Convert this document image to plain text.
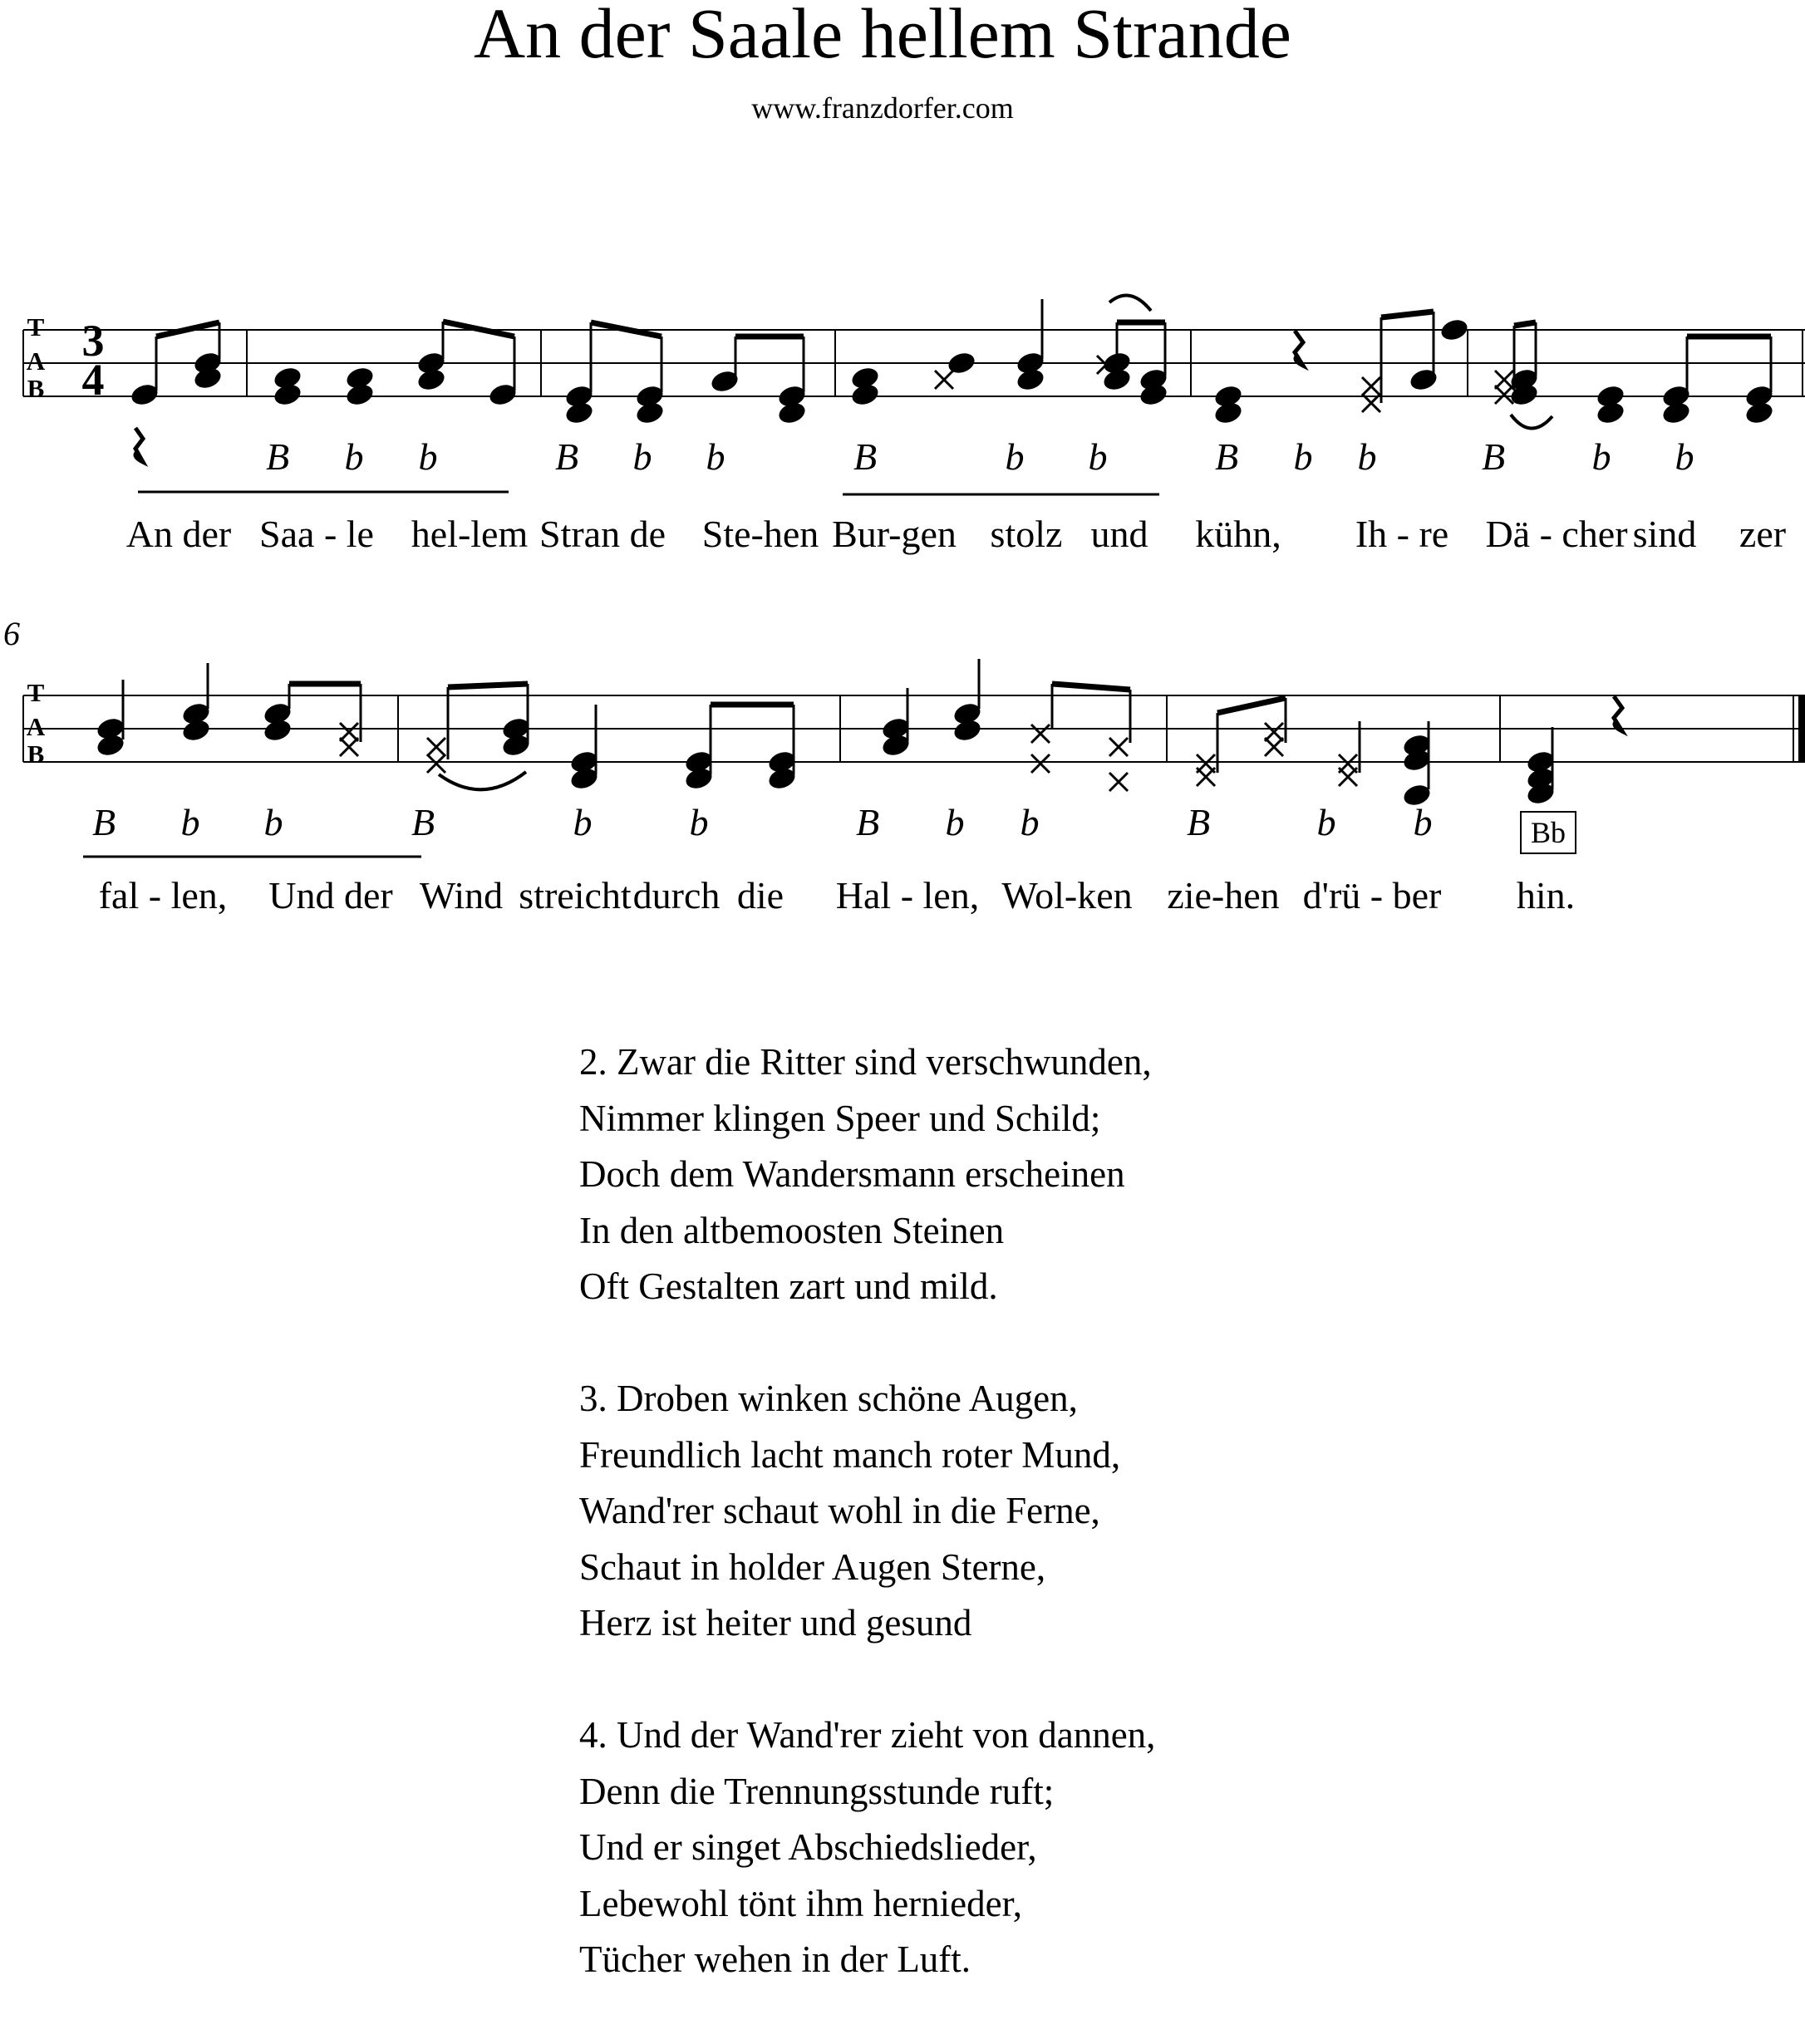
An der Saale hellem Strande
www.franzdorfer.com
T
A
B
3
4
T
A
B
6
B b b	B b b	B	b b	B b b	B b b
An der Saa - le hel-lem Stran de Ste-hen Bur-gen stolz und kühn, Ih - re Dä - cher sind zer
B b b	B	b	b	B b b	B	b b	Bb
fal - len, Und der Wind streicht durch die Hal - len, Wol-ken zie-hen d'rü - ber hin.
2. Zwar die Ritter sind verschwunden,
Nimmer klingen Speer und Schild;
Doch dem Wandersmann erscheinen
In den altbemoosten Steinen
Oft Gestalten zart und mild.
3. Droben winken schöne Augen,
Freundlich lacht manch roter Mund,
Wand'rer schaut wohl in die Ferne,
Schaut in holder Augen Sterne,
Herz ist heiter und gesund
4. Und der Wand'rer zieht von dannen,
Denn die Trennungsstunde ruft;
Und er singet Abschiedslieder,
Lebewohl tönt ihm hernieder,
Tücher wehen in der Luft.
